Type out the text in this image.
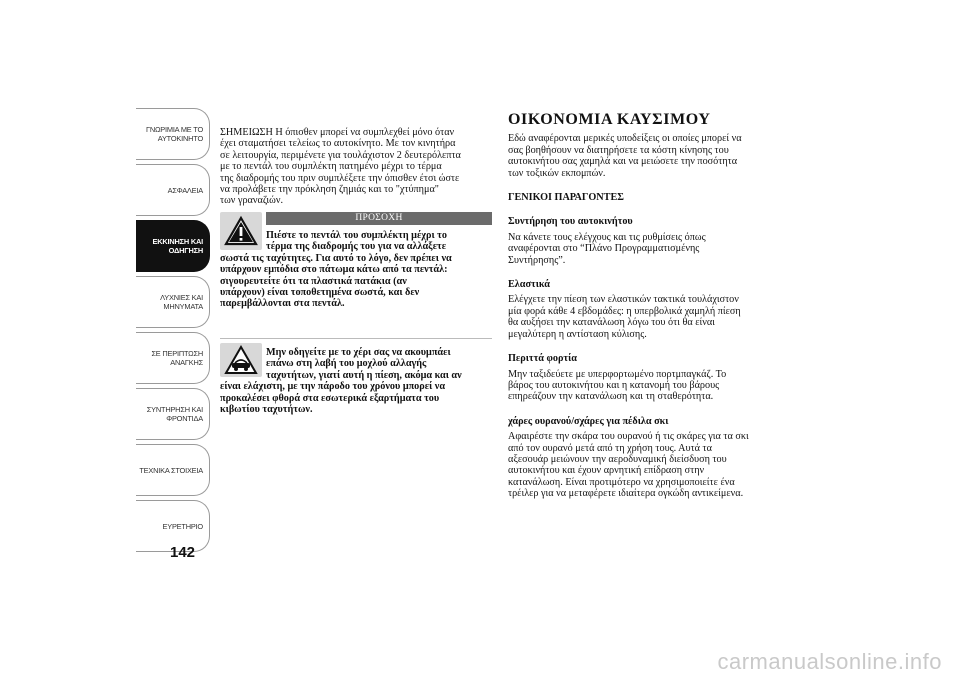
ΓΝΩΡΙΜΙΑ ΜΕ ΤΟ ΑΥΤΟΚΙΝΗΤΟ
ΑΣΦΑΛΕΙΑ
ΕΚΚΙΝΗΣΗ ΚΑΙ ΟΔΗΓΗΣΗ
ΛΥΧΝΙΕΣ ΚΑΙ ΜΗΝΥΜΑΤΑ
ΣΕ ΠΕΡΙΠΤΩΣΗ ΑΝΑΓΚΗΣ
ΣΥΝΤΗΡΗΣΗ ΚΑΙ ΦΡΟΝΤΙΔΑ
ΤΕΧΝΙΚΑ ΣΤΟΙΧΕΙΑ
ΕΥΡΕΤΗΡΙΟ
142

ΣΗΜΕΙΩΣΗ Η όπισθεν μπορεί να συμπλεχθεί μόνο όταν
έχει σταματήσει τελείως το αυτοκίνητο. Με τον κινητήρα
σε λειτουργία, περιμένετε για τουλάχιστον 2 δευτερόλεπτα
με το πεντάλ του συμπλέκτη πατημένο μέχρι το τέρμα
της διαδρομής του πριν συμπλέξετε την όπισθεν έτσι ώστε
να προλάβετε την πρόκληση ζημιάς και το "χτύπημα"
των γραναζιών.

ΠΡΟΣΟΧΗ
Πιέστε το πεντάλ του συμπλέκτη μέχρι το
τέρμα της διαδρομής του για να αλλάξετε
σωστά τις ταχύτητες. Για αυτό το λόγο, δεν πρέπει να
υπάρχουν εμπόδια στο πάτωμα κάτω από τα πεντάλ:
σιγουρευτείτε ότι τα πλαστικά πατάκια (αν
υπάρχουν) είναι τοποθετημένα σωστά, και δεν
παρεμβάλλονται στα πεντάλ.
Μην οδηγείτε με το χέρι σας να ακουμπάει
επάνω στη λαβή του μοχλού αλλαγής
ταχυτήτων, γιατί αυτή η πίεση, ακόμα και αν
είναι ελάχιστη, με την πάροδο του χρόνου μπορεί να
προκαλέσει φθορά στα εσωτερικά εξαρτήματα του
κιβωτίου ταχυτήτων.
ΟΙΚΟΝΟΜΙΑ ΚΑΥΣΙΜΟΥ

Εδώ αναφέρονται μερικές υποδείξεις οι οποίες μπορεί να
σας βοηθήσουν να διατηρήσετε τα κόστη κίνησης του
αυτοκινήτου σας χαμηλά και να μειώσετε την ποσότητα
των τοξικών εκπομπών.

ΓΕΝΙΚΟΙ ΠΑΡΑΓΟΝΤΕΣ

Συντήρηση του αυτοκινήτου

Να κάνετε τους ελέγχους και τις ρυθμίσεις όπως
αναφέρονται στο “Πλάνο Προγραμματισμένης
Συντήρησης”.

Ελαστικά

Ελέγχετε την πίεση των ελαστικών τακτικά τουλάχιστον
μία φορά κάθε 4 εβδομάδες: η υπερβολικά χαμηλή πίεση
θα αυξήσει την κατανάλωση λόγω του ότι θα είναι
μεγαλύτερη η αντίσταση κύλισης.

Περιττά φορτία

Μην ταξιδεύετε με υπερφορτωμένο πορτμπαγκάζ. Το
βάρος του αυτοκινήτου και η κατανομή του βάρους
επηρεάζουν την κατανάλωση και τη σταθερότητα.

χάρες ουρανού/σχάρες για πέδιλα σκι

Αφαιρέστε την σκάρα του ουρανού ή τις σκάρες για τα σκι
από τον ουρανό μετά από τη χρήση τους. Αυτά τα
αξεσουάρ μειώνουν την αεροδυναμική διείσδυση του
αυτοκινήτου και έχουν αρνητική επίδραση στην
κατανάλωση. Είναι προτιμότερο να χρησιμοποιείτε ένα
τρέιλερ για να μεταφέρετε ιδιαίτερα ογκώδη αντικείμενα.

carmanualsonline.info
